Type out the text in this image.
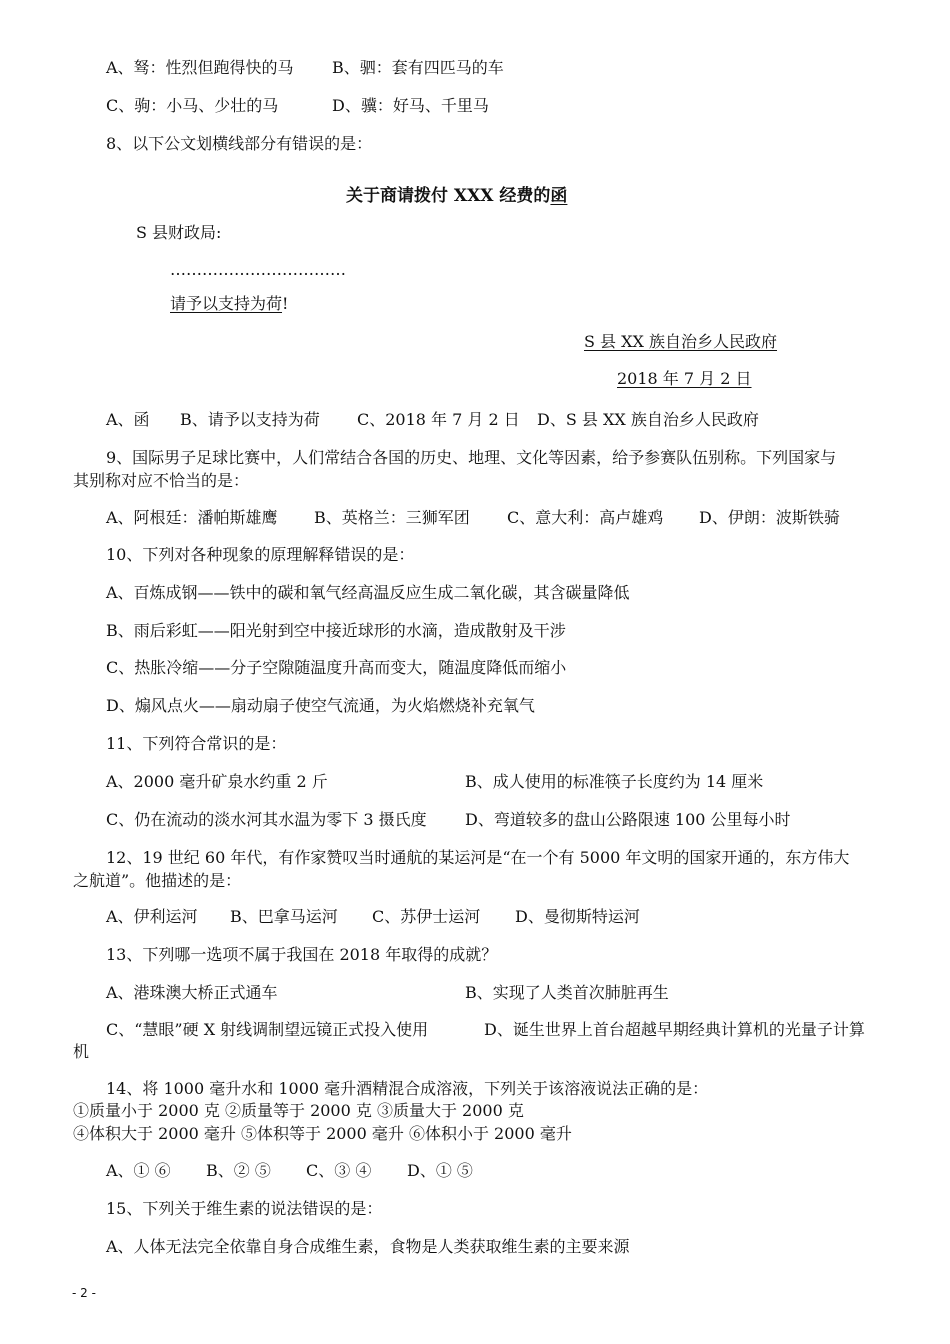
A、驽：性烈但跑得快的马 B、驷：套有四匹马的车
C、驹：小马、少壮的马	D、骥：好马、千里马
8、以下公文划横线部分有错误的是：
关于商请拨付 XXX 经费的函
S 县财政局:
……………………………
请予以支持为荷!
S 县 XX 族自治乡人民政府
2018 年 7 月 2 日
A、函 B、请予以支持为荷 C、2018 年 7 月 2 日 D、S 县 XX 族自治乡人民政府
9、国际男子足球比赛中，人们常结合各国的历史、地理、文化等因素，给予参赛队伍别称。下列国家与
其别称对应不恰当的是：
A、阿根廷：潘帕斯雄鹰 B、英格兰：三狮军团 C、意大利：高卢雄鸡 D、伊朗：波斯铁骑
10、下列对各种现象的原理解释错误的是：
A、百炼成钢——铁中的碳和氧气经高温反应生成二氧化碳，其含碳量降低
B、雨后彩虹——阳光射到空中接近球形的水滴，造成散射及干涉
C、热胀冷缩——分子空隙随温度升高而变大，随温度降低而缩小
D、煽风点火——扇动扇子使空气流通，为火焰燃烧补充氧气
11、下列符合常识的是：
A、2000 毫升矿泉水约重 2 斤	B、成人使用的标准筷子长度约为 14 厘米
C、仍在流动的淡水河其水温为零下 3 摄氏度 D、弯道较多的盘山公路限速 100 公里每小时
12、19 世纪 60 年代，有作家赞叹当时通航的某运河是“在一个有 5000 年文明的国家开通的，东方伟大
之航道”。他描述的是：
A、伊利运河 B、巴拿马运河 C、苏伊士运河 D、曼彻斯特运河
13、下列哪一选项不属于我国在 2018 年取得的成就？
A、港珠澳大桥正式通车	B、实现了人类首次肺脏再生
C、“慧眼”硬 X 射线调制望远镜正式投入使用	D、诞生世界上首台超越早期经典计算机的光量子计算
机
14、将 1000 毫升水和 1000 毫升酒精混合成溶液，下列关于该溶液说法正确的是：
①质量小于 2000 克 ②质量等于 2000 克 ③质量大于 2000 克
④体积大于 2000 毫升 ⑤体积等于 2000 毫升 ⑥体积小于 2000 毫升
A、① ⑥ B、② ⑤ C、③ ④ D、① ⑤
15、下列关于维生素的说法错误的是：
A、人体无法完全依靠自身合成维生素，食物是人类获取维生素的主要来源
- 2 -
